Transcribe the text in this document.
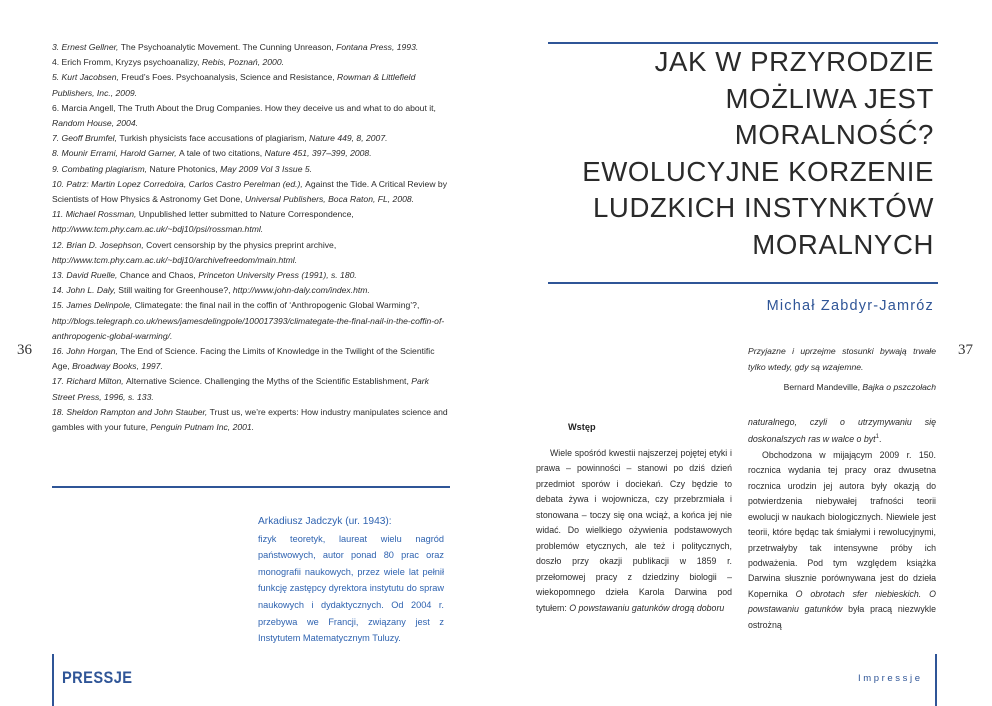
3. Ernest Gellner, The Psychoanalytic Movement. The Cunning Unreason, Fontana Press, 1993.

4. Erich Fromm, Kryzys psychoanalizy, Rebis, Poznań, 2000.

5. Kurt Jacobsen, Freud’s Foes. Psychoanalysis, Science and Resistance, Rowman & Littlefield Publishers, Inc., 2009.

6. Marcia Angell, The Truth About the Drug Companies. How they deceive us and what to do about it, Random House, 2004.

7. Geoff Brumfel, Turkish physicists face accusations of plagiarism, Nature 449, 8, 2007.

8. Mounir Errami, Harold Garner, A tale of two citations, Nature 451, 397–399, 2008.

9. Combating plagiarism, Nature Photonics, May 2009 Vol 3 Issue 5.

10. Patrz: Martin Lopez Corredoira, Carlos Castro Perelman (ed.), Against the Tide. A Critical Review by Scientists of How Physics & Astronomy Get Done, Universal Publishers, Boca Raton, FL, 2008.

11. Michael Rossman, Unpublished letter submitted to Nature Correspondence, http://www.tcm.phy.cam.ac.uk/~bdj10/psi/rossman.html.

12. Brian D. Josephson, Covert censorship by the physics preprint archive, http://www.tcm.phy.cam.ac.uk/~bdj10/archivefreedom/main.html.

13. David Ruelle, Chance and Chaos, Princeton University Press (1991), s. 180.

14. John L. Daly, Still waiting for Greenhouse?, http://www.john-daly.com/index.htm.

15. James Delinpole, Climategate: the final nail in the coffin of ‘Anthropogenic Global Warming’?, http://blogs.telegraph.co.uk/news/jamesdelingpole/100017393/climategate-the-final-nail-in-the-coffin-of-anthropogenic-global-warming/.

16. John Horgan, The End of Science. Facing the Limits of Knowledge in the Twilight of the Scientific Age, Broadway Books, 1997.

17. Richard Milton, Alternative Science. Challenging the Myths of the Scientific Establishment, Park Street Press, 1996, s. 133.

18. Sheldon Rampton and John Stauber, Trust us, we’re experts: How industry manipulates science and gambles with your future, Penguin Putnam Inc, 2001.

36
Arkadiusz Jadczyk (ur. 1943):
fizyk teoretyk, laureat wielu nagród państwowych, autor ponad 80 prac oraz monografii naukowych, przez wiele lat pełnił funkcję zastępcy dyrektora instytutu do spraw naukowych i dydaktycznych. Od 2004 r. przebywa we Francji, związany jest z Instytutem Matematycznym Tuluzy.
PRESSJE
JAK W PRZYRODZIE
MOŻLIWA JEST
MORALNOŚĆ?
EWOLUCYJNE KORZENIE
LUDZKICH INSTYNKTÓW
MORALNYCH
Michał Zabdyr-Jamróz
37
Przyjazne i uprzejme stosunki bywają trwałe tylko wtedy, gdy są wzajemne.
Bernard Mandeville, Bajka o pszczołach
Wstęp

Wiele spośród kwestii najszerzej pojętej etyki i prawa – powinności – stanowi po dziś dzień przedmiot sporów i dociekań. Czy będzie to debata żywa i wojownicza, czy przebrzmiała i stonowana – toczy się ona wciąż, a końca jej nie widać. Do wielkiego ożywienia podstawowych problemów etycznych, ale też i politycznych, doszło przy okazji publikacji w 1859 r. przełomowej pracy z dziedziny biologii – wiekopomnego dzieła Karola Darwina pod tytułem: O powstawaniu gatunków drogą doboru

naturalnego, czyli o utrzymywaniu się doskonalszych ras w walce o byt$^1$.

Obchodzona w mijającym 2009 r. 150. rocznica wydania tej pracy oraz dwusetna rocznica urodzin jej autora były okazją do potwierdzenia niebywałej trafności teorii ewolucji w naukach biologicznych. Niewiele jest teorii, które będąc tak śmiałymi i rewolucyjnymi, przetrwałyby tak intensywne próby ich podważenia. Pod tym względem książka Darwina słusznie porównywana jest do dzieła Kopernika O obrotach sfer niebieskich. O powstawaniu gatunków była pracą niezwykle ostrożną

Impressje
